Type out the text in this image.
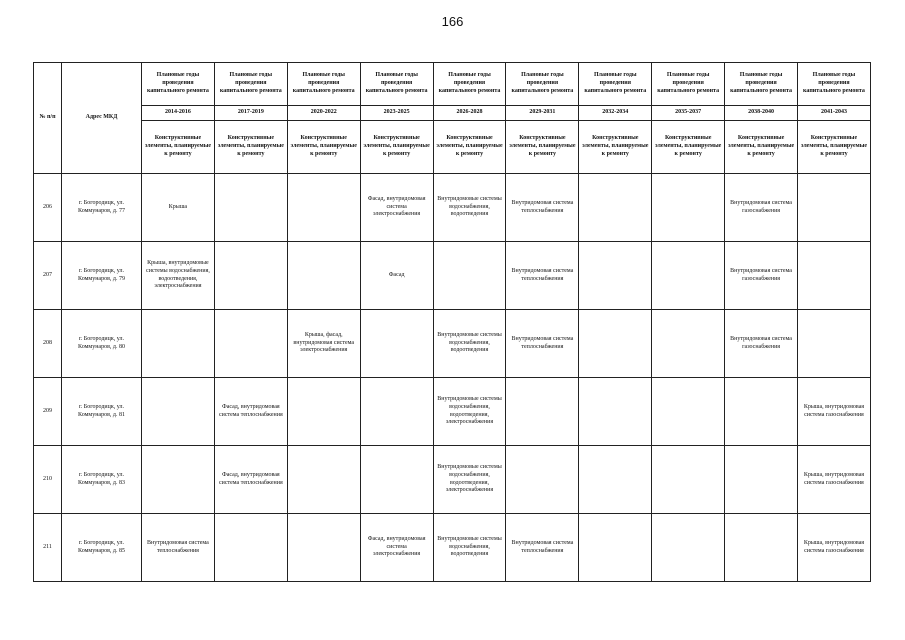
166
№ п/п	Адрес МКД	Плановые годы проведения капитального ремонта	Плановые годы проведения капитального ремонта	Плановые годы проведения капитального ремонта	Плановые годы проведения капитального ремонта	Плановые годы проведения капитального ремонта	Плановые годы проведения капитального ремонта	Плановые годы проведения капитального ремонта	Плановые годы проведения капитального ремонта	Плановые годы проведения капитального ремонта	Плановые годы проведения капитального ремонта
		2014-2016	2017-2019	2020-2022	2023-2025	2026-2028	2029-2031	2032-2034	2035-2037	2038-2040	2041-2043
		Конструктивные элементы, планируемые к ремонту	Конструктивные элементы, планируемые к ремонту	Конструктивные элементы, планируемые к ремонту	Конструктивные элементы, планируемые к ремонту	Конструктивные элементы, планируемые к ремонту	Конструктивные элементы, планируемые к ремонту	Конструктивные элементы, планируемые к ремонту	Конструктивные элементы, планируемые к ремонту	Конструктивные элементы, планируемые к ремонту	Конструктивные элементы, планируемые к ремонту
206	г. Богородицк, ул. Коммунаров, д. 77	Крыша			Фасад, внутридомовая система электроснабжения	Внутридомовые системы водоснабжения, водоотведения	Внутридомовая система теплоснабжения			Внутридомовая система газоснабжения	
207	г. Богородицк, ул. Коммунаров, д. 79	Крыша, внутридомовые системы водоснабжения, водоотведения, электроснабжения			Фасад		Внутридомовая система теплоснабжения			Внутридомовая система газоснабжения	
208	г. Богородицк, ул. Коммунаров, д. 80			Крыша, фасад, внутридомовая система электроснабжения		Внутридомовые системы водоснабжения, водоотведения	Внутридомовая система теплоснабжения			Внутридомовая система газоснабжения	
209	г. Богородицк, ул. Коммунаров, д. 81		Фасад, внутридомовая система теплоснабжения			Внутридомовые системы водоснабжения, водоотведения, электроснабжения					Крыша, внутридомовая система газоснабжения
210	г. Богородицк, ул. Коммунаров, д. 83		Фасад, внутридомовая система теплоснабжения			Внутридомовые системы водоснабжения, водоотведения, электроснабжения					Крыша, внутридомовая система газоснабжения
211	г. Богородицк, ул. Коммунаров, д. 85	Внутридомовая система теплоснабжения			Фасад, внутридомовая система электроснабжения	Внутридомовые системы водоснабжения, водоотведения	Внутридомовая система теплоснабжения				Крыша, внутридомовая система газоснабжения
